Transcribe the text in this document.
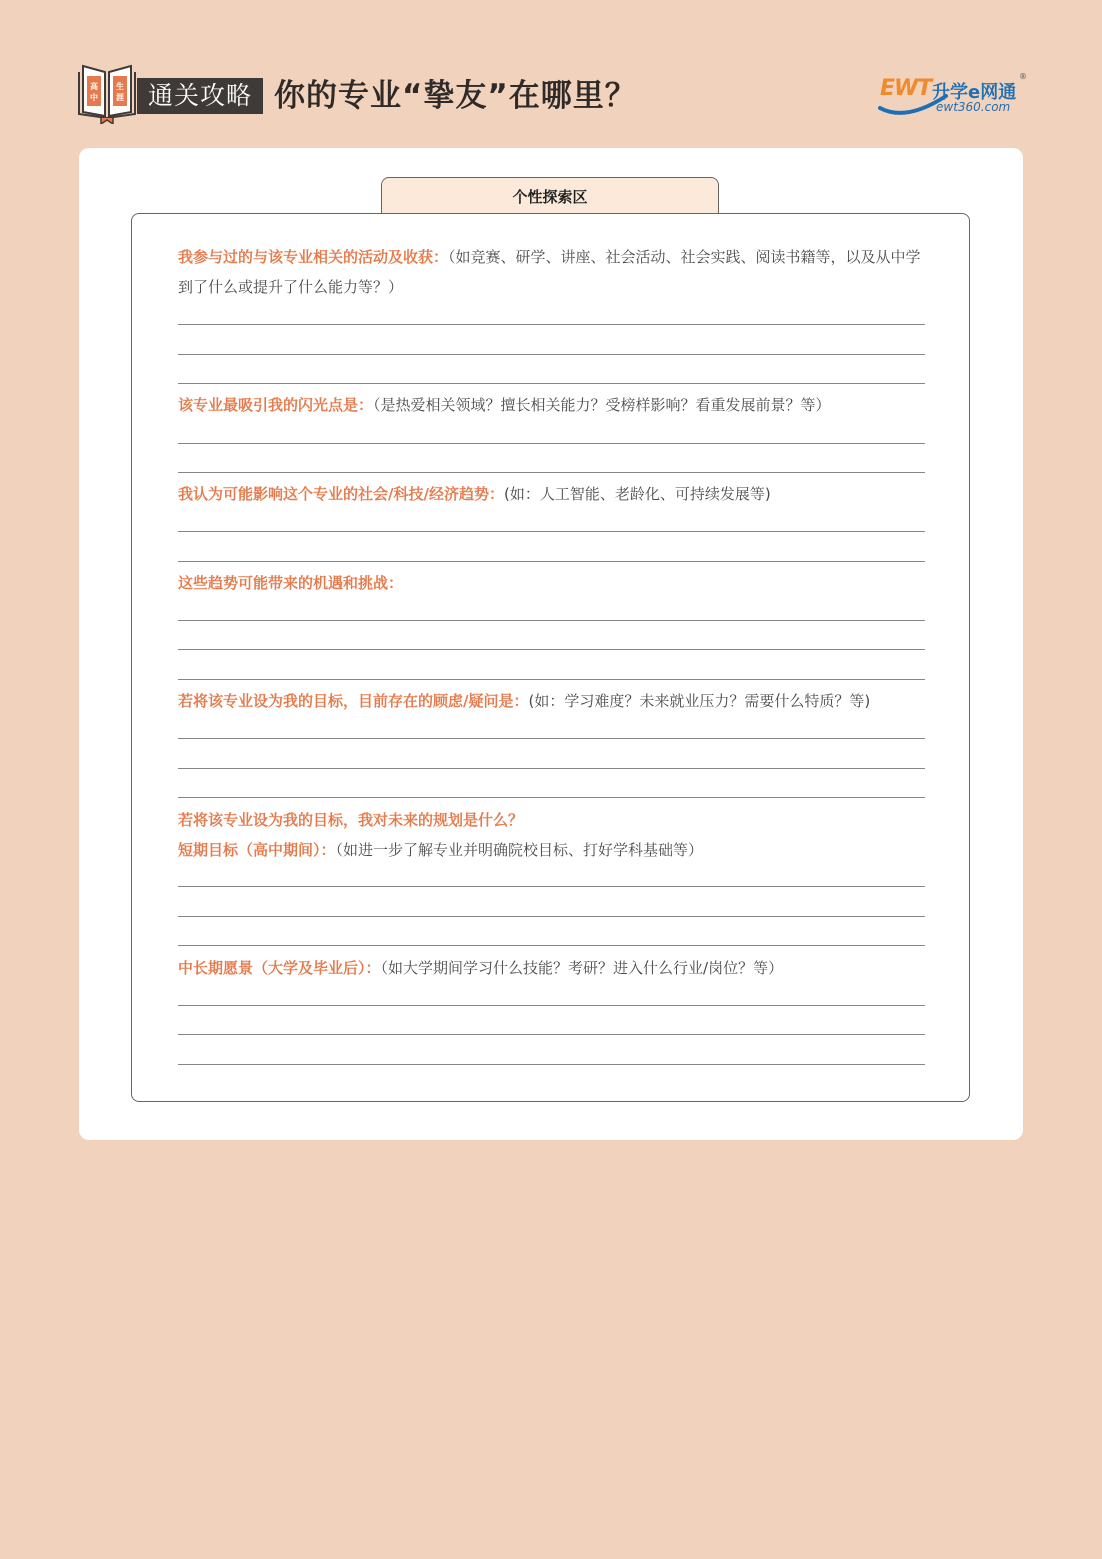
高
中
生
涯 通关攻略 你的专业“挚友”在哪里？	EWT 升学e网通
ewt360.com
®
个性探索区
我参与过的与该专业相关的活动及收获：（如竞赛、研学、讲座、社会活动、社会实践、阅读书籍等，以及从中学到了什么或提升了什么能力等？）
该专业最吸引我的闪光点是：（是热爱相关领域？擅长相关能力？受榜样影响？看重发展前景？等）
我认为可能影响这个专业的社会/科技/经济趋势：(如：人工智能、老龄化、可持续发展等)
这些趋势可能带来的机遇和挑战：
若将该专业设为我的目标，目前存在的顾虑/疑问是：(如：学习难度？未来就业压力？需要什么特质？等)
若将该专业设为我的目标，我对未来的规划是什么？
短期目标（高中期间）：（如进一步了解专业并明确院校目标、打好学科基础等）
中长期愿景（大学及毕业后）：（如大学期间学习什么技能？考研？进入什么行业/岗位？等）
